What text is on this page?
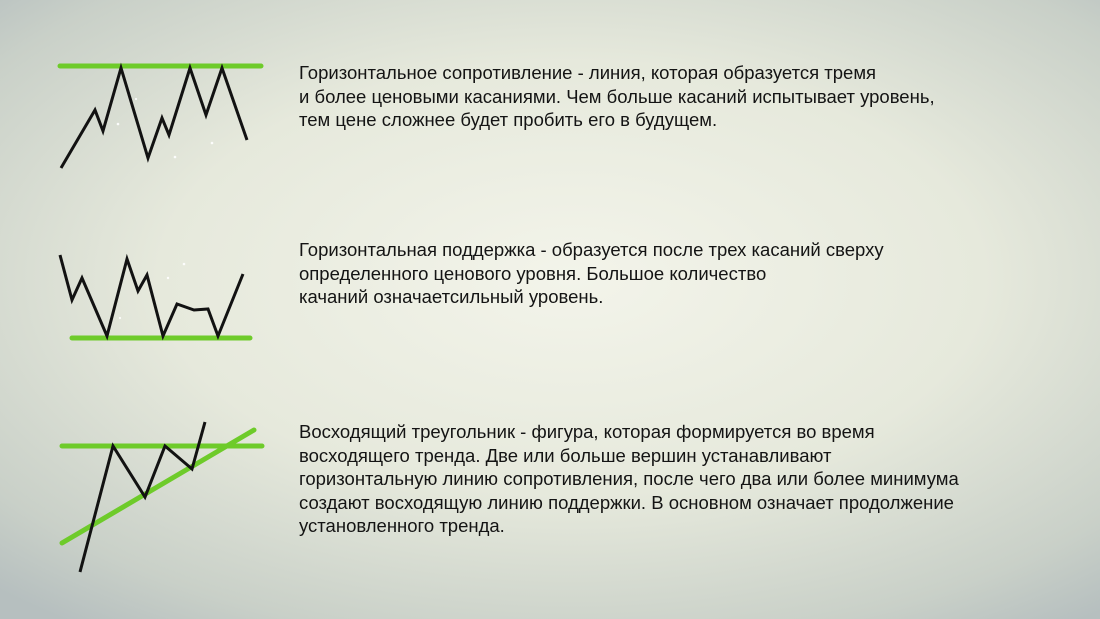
Горизонтальное сопротивление - линия, которая образуется тремя
и более ценовыми касаниями. Чем больше касаний испытывает уровень,
тем цене сложнее будет пробить его в будущем.

Горизонтальная поддержка - образуется после трех касаний сверху
определенного ценового уровня. Большое количество
качаний означаетсильный уровень.

Восходящий треугольник - фигура, которая формируется во время
восходящего тренда. Две или больше вершин устанавливают
горизонтальную линию сопротивления, после чего два или более минимума
создают восходящую линию поддержки. В основном означает продолжение
установленного тренда.
